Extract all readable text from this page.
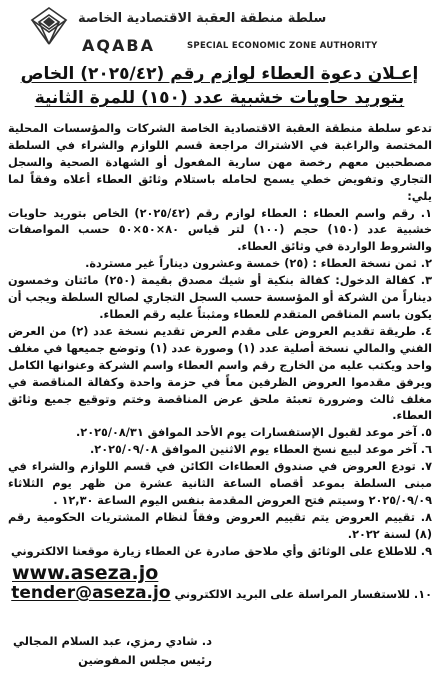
سلطة منطقة العقبة الاقتصادية الخاصة
AQABA	SPECIAL ECONOMIC ZONE AUTHORITY
إعـلان دعوة العطاء لوازم رقم (٢٠٢٥/٤٢) الخاص
بتوريد حاويات خشبية عدد (١٥٠) للمرة الثانية

تدعو سلطة منطقة العقبة الاقتصادية الخاصة الشركات والمؤسسات المحلية المختصة والراغبة في الاشتراك مراجعة قسم اللوازم والشراء في السلطة مصطحبين معهم رخصة مهن سارية المفعول أو الشهادة الصحية والسجل التجاري وتفويض خطي يسمح لحامله باستلام وثائق العطاء أعلاه وفقاً لما يلي:

١. رقم واسم العطاء : العطاء لوازم رقم (٢٠٢٥/٤٢) الخاص بتوريد حاويات خشبية عدد (١٥٠) حجم (١٠٠) لتر قياس ٨٠×٥٠×٥٠ حسب المواصفات والشروط الواردة في وثائق العطاء.

٢. ثمن نسخة العطاء : (٢٥) خمسة وعشرون ديناراً غير مستردة.

٣. كفالة الدخول: كفالة بنكية أو شيك مصدق بقيمة (٢٥٠) مائتان وخمسون ديناراً من الشركة أو المؤسسة حسب السجل التجاري لصالح السلطة ويجب أن يكون باسم المناقص المتقدم للعطاء ومثبتاً عليه رقم العطاء.

٤. طريقة تقديم العروض على مقدم العرض تقديم نسخة عدد (٢) من العرض الفني والمالي نسخة أصلية عدد (١) وصورة عدد (١) وتوضع جميعها في مغلف واحد ويكتب عليه من الخارج رقم واسم العطاء واسم الشركة وعنوانها الكامل ويرفق مقدموا العروض الظرفين معاً في حزمة واحدة وكفالة المناقصة في مغلف ثالث وضرورة تعبئة ملحق عرض المناقصة وختم وتوقيع جميع وثائق العطاء.

٥. آخر موعد لقبول الإستفسارات يوم الأحد الموافق ٢٠٢٥/٠٨/٣١.

٦. آخر موعد لبيع نسخ العطاء يوم الاثنين الموافق ٢٠٢٥/٠٩/٠٨.

٧. تودع العروض في صندوق العطاءات الكائن في قسم اللوازم والشراء في مبنى السلطة بموعد أقصاه الساعة الثانية عشرة من ظهر يوم الثلاثاء ٢٠٢٥/٠٩/٠٩ وسيتم فتح العروض المقدمة بنفس اليوم الساعة ١٢,٣٠ .

٨. تقييم العروض يتم تقييم العروض وفقاً لنظام المشتريات الحكومية رقم (٨) لسنة ٢٠٢٢.

٩. للاطلاع على الوثائق وأي ملاحق صادرة عن العطاء زيارة موقعنا الالكتروني

www.aseza.jo

١٠. للاستفسار المراسلة على البريد الالكتروني tender@aseza.jo

د. شادي رمزي، عبد السلام المجالي
رئيس مجلس المفوضين
